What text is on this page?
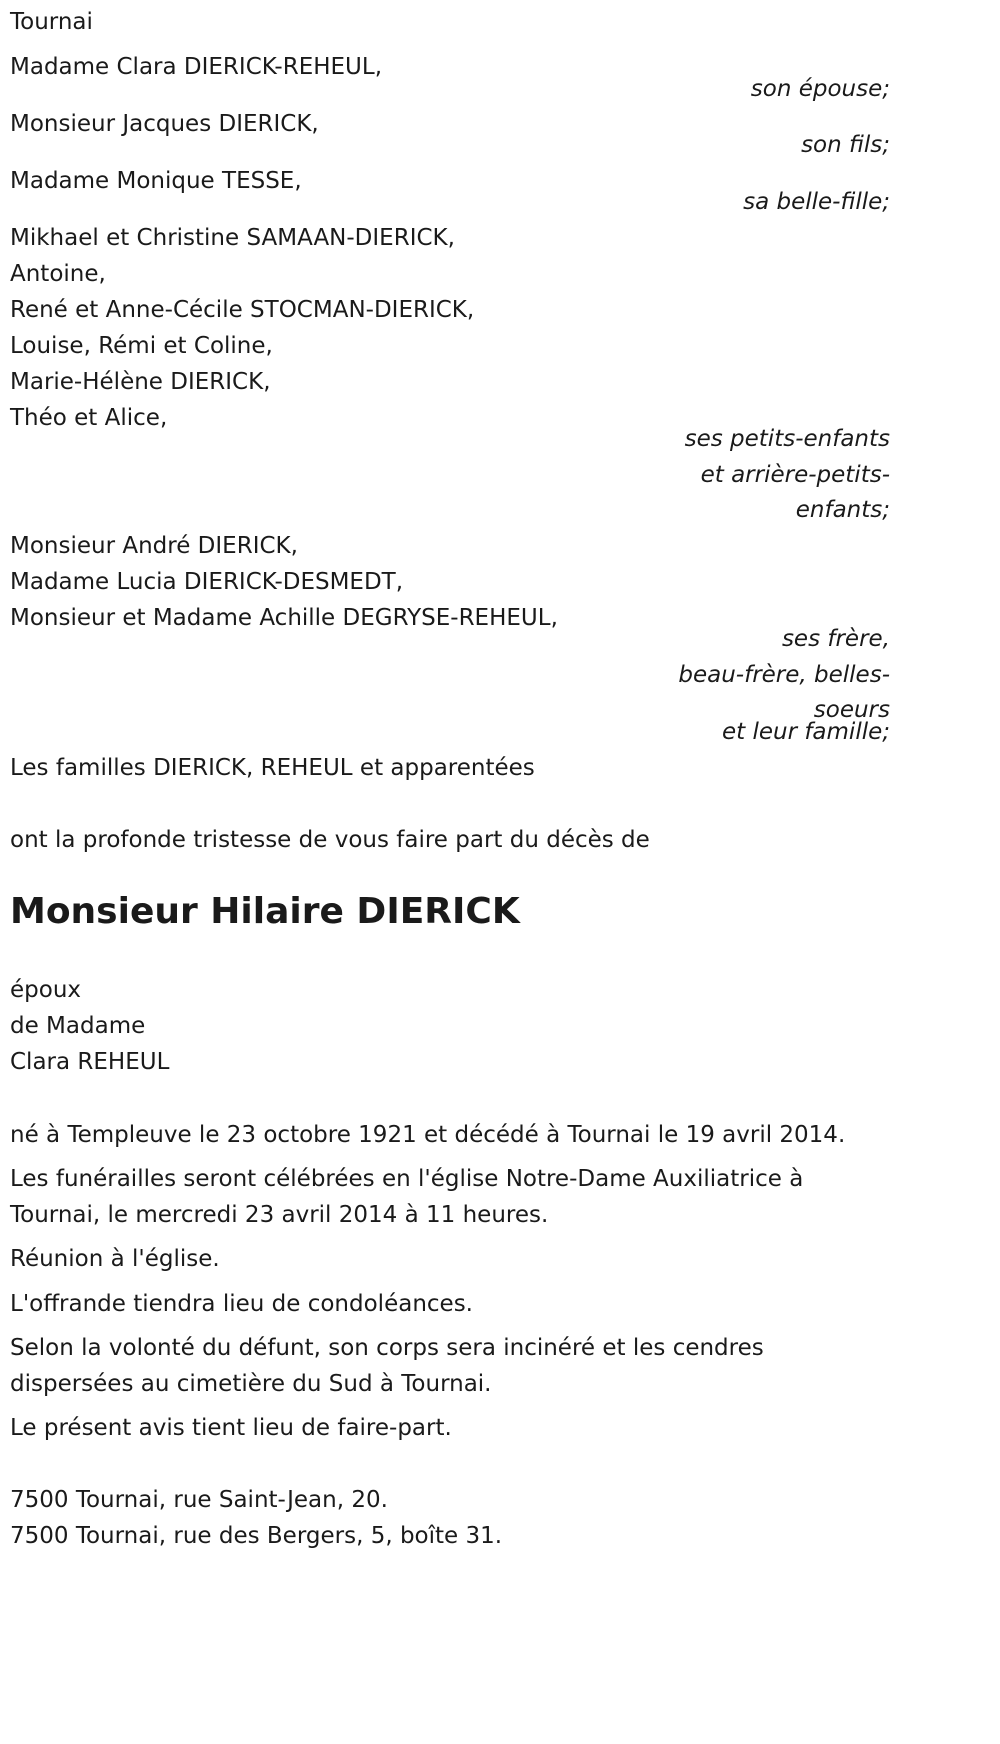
Tournai
Madame Clara DIERICK-REHEUL,
son épouse;
Monsieur Jacques DIERICK,
son fils;
Madame Monique TESSE,
sa belle-fille;
Mikhael et Christine SAMAAN-DIERICK,
Antoine,
René et Anne-Cécile STOCMAN-DIERICK,
Louise, Rémi et Coline,
Marie-Hélène DIERICK,
Théo et Alice,
ses petits-enfants
et arrière-petits-
enfants;
Monsieur André DIERICK,
Madame Lucia DIERICK-DESMEDT,
Monsieur et Madame Achille DEGRYSE-REHEUL,
ses frère,
beau-frère, belles-
soeurs
et leur famille;
Les familles DIERICK, REHEUL et apparentées
ont la profonde tristesse de vous faire part du décès de
Monsieur Hilaire DIERICK
époux
de Madame
Clara REHEUL
né à Templeuve le 23 octobre 1921 et décédé à Tournai le 19 avril 2014.
Les funérailles seront célébrées en l'église Notre-Dame Auxiliatrice à
Tournai, le mercredi 23 avril 2014 à 11 heures.
Réunion à l'église.
L'offrande tiendra lieu de condoléances.
Selon la volonté du défunt, son corps sera incinéré et les cendres
dispersées au cimetière du Sud à Tournai.
Le présent avis tient lieu de faire-part.
7500 Tournai, rue Saint-Jean, 20.
7500 Tournai, rue des Bergers, 5, boîte 31.
